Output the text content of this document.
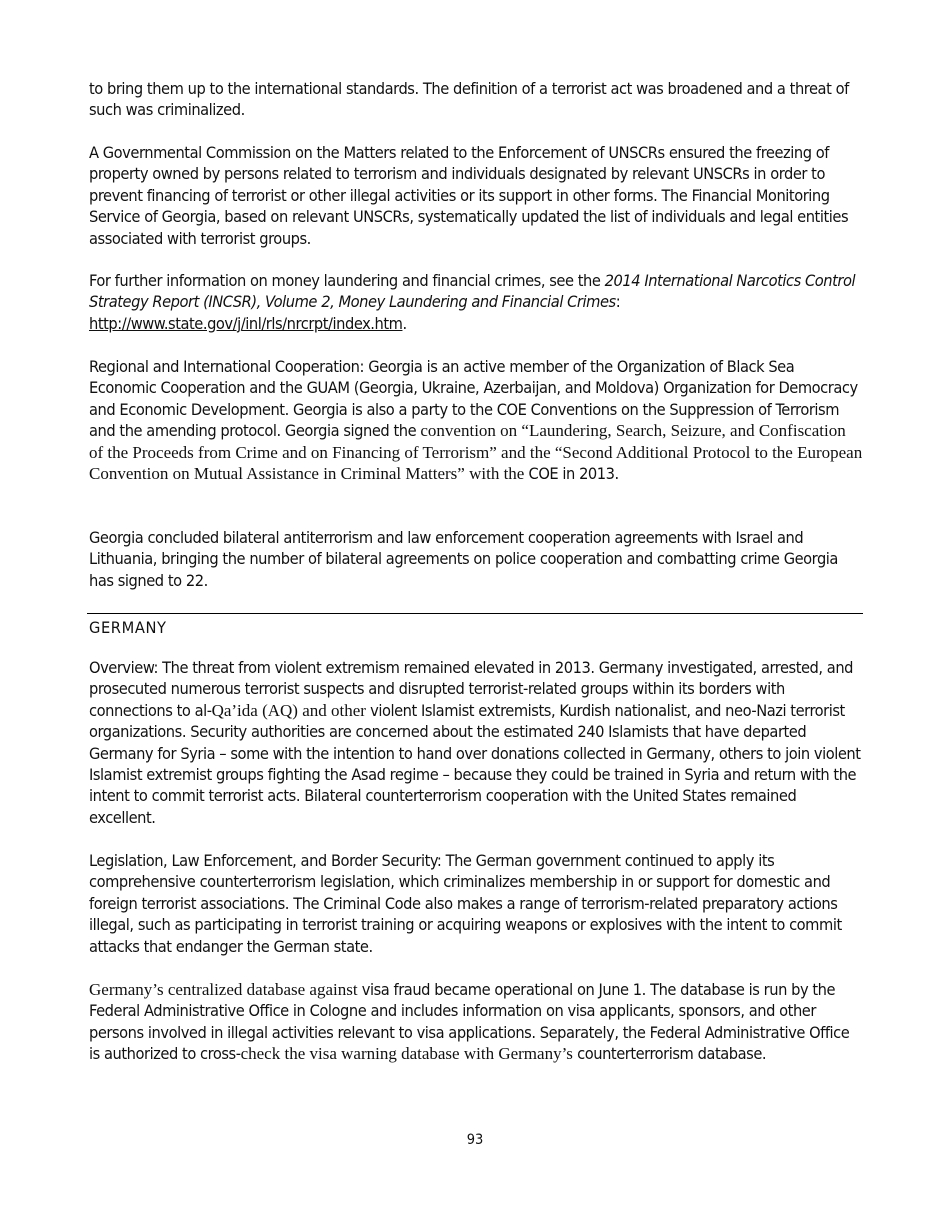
to bring them up to the international standards. The definition of a terrorist act was broadened and a threat of such was criminalized.

A Governmental Commission on the Matters related to the Enforcement of UNSCRs ensured the freezing of property owned by persons related to terrorism and individuals designated by relevant UNSCRs in order to prevent financing of terrorist or other illegal activities or its support in other forms. The Financial Monitoring Service of Georgia, based on relevant UNSCRs, systematically updated the list of individuals and legal entities associated with terrorist groups.

For further information on money laundering and financial crimes, see the 2014 International Narcotics Control Strategy Report (INCSR), Volume 2, Money Laundering and Financial Crimes: http://www.state.gov/j/inl/rls/nrcrpt/index.htm.

Regional and International Cooperation: Georgia is an active member of the Organization of Black Sea Economic Cooperation and the GUAM (Georgia, Ukraine, Azerbaijan, and Moldova) Organization for Democracy and Economic Development. Georgia is also a party to the COE Conventions on the Suppression of Terrorism and the amending protocol. Georgia signed the convention on “Laundering, Search, Seizure, and Confiscation of the Proceeds from Crime and on Financing of Terrorism” and the “Second Additional Protocol to the European Convention on Mutual Assistance in Criminal Matters” with the COE in 2013.

Georgia concluded bilateral antiterrorism and law enforcement cooperation agreements with Israel and Lithuania, bringing the number of bilateral agreements on police cooperation and combatting crime Georgia has signed to 22.

GERMANY

Overview: The threat from violent extremism remained elevated in 2013. Germany investigated, arrested, and prosecuted numerous terrorist suspects and disrupted terrorist-related groups within its borders with connections to al-Qa’ida (AQ) and other violent Islamist extremists, Kurdish nationalist, and neo-Nazi terrorist organizations. Security authorities are concerned about the estimated 240 Islamists that have departed Germany for Syria – some with the intention to hand over donations collected in Germany, others to join violent Islamist extremist groups fighting the Asad regime – because they could be trained in Syria and return with the intent to commit terrorist acts. Bilateral counterterrorism cooperation with the United States remained excellent.

Legislation, Law Enforcement, and Border Security: The German government continued to apply its comprehensive counterterrorism legislation, which criminalizes membership in or support for domestic and foreign terrorist associations. The Criminal Code also makes a range of terrorism-related preparatory actions illegal, such as participating in terrorist training or acquiring weapons or explosives with the intent to commit attacks that endanger the German state.

Germany’s centralized database against visa fraud became operational on June 1. The database is run by the Federal Administrative Office in Cologne and includes information on visa applicants, sponsors, and other persons involved in illegal activities relevant to visa applications. Separately, the Federal Administrative Office is authorized to cross-check the visa warning database with Germany’s counterterrorism database.

93
